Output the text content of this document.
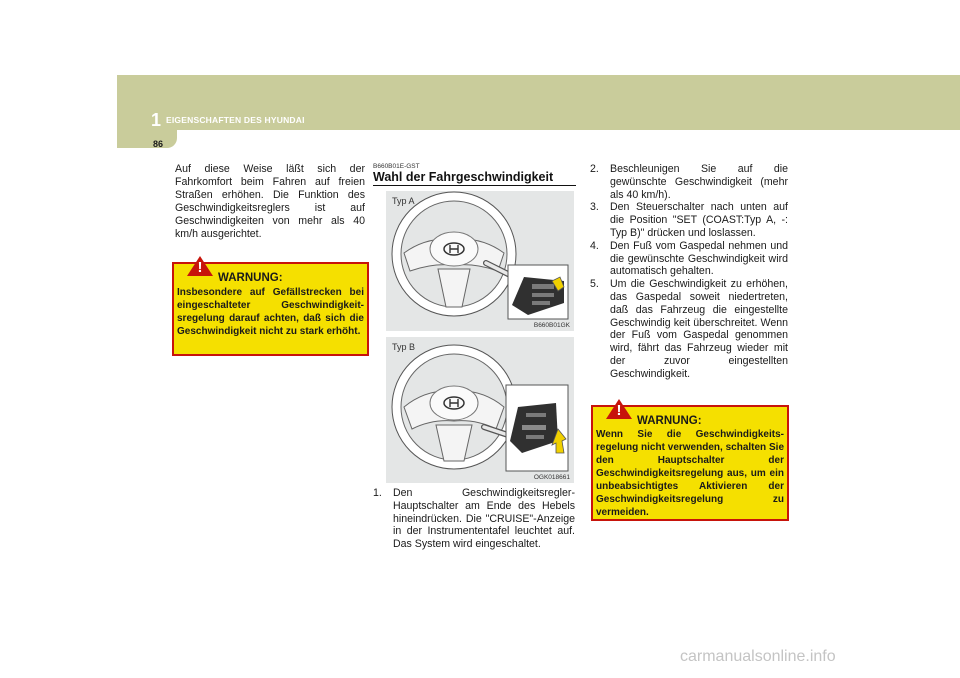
1 EIGENSCHAFTEN DES HYUNDAI
86

Auf diese Weise läßt sich der Fahrkomfort beim Fahren auf freien Straßen erhöhen. Die Funktion des Geschwindigkeitsreglers ist auf Geschwindigkeiten von mehr als 40 km/h ausgerichtet.

!
WARNUNG:
Insbesondere auf Gefällstrecken bei eingeschalteter Geschwindigkeit-sregelung darauf achten, daß sich die Geschwindigkeit nicht zu stark erhöht.
B660B01E-GST
Wahl der Fahrgeschwindigkeit
Typ A
B660B01GK
Typ B
OGK018661
1. Den Geschwindigkeitsregler-Hauptschalter am Ende des Hebels hineindrücken. Die "CRUISE"-Anzeige in der Instrumententafel leuchtet auf. Das System wird eingeschaltet.
2. Beschleunigen Sie auf die gewünschte Geschwindigkeit (mehr als 40 km/h).
3. Den Steuerschalter nach unten auf die Position "SET (COAST:Typ A, -: Typ B)" drücken und loslassen.
4. Den Fuß vom Gaspedal nehmen und die gewünschte Geschwindigkeit wird automatisch gehalten.
5. Um die Geschwindigkeit zu erhöhen, das Gaspedal soweit niedertreten, daß das Fahrzeug die eingestellte Geschwindig keit überschreitet. Wenn der Fuß vom Gaspedal genommen wird, fährt das Fahrzeug wieder mit der zuvor eingestellten Geschwindigkeit.
!
WARNUNG:
Wenn Sie die Geschwindigkeits-regelung nicht verwenden, schalten Sie den Hauptschalter der Geschwindigkeitsregelung aus, um ein unbeabsichtigtes Aktivieren der Geschwindigkeitsregelung zu vermeiden.
carmanualsonline.info
